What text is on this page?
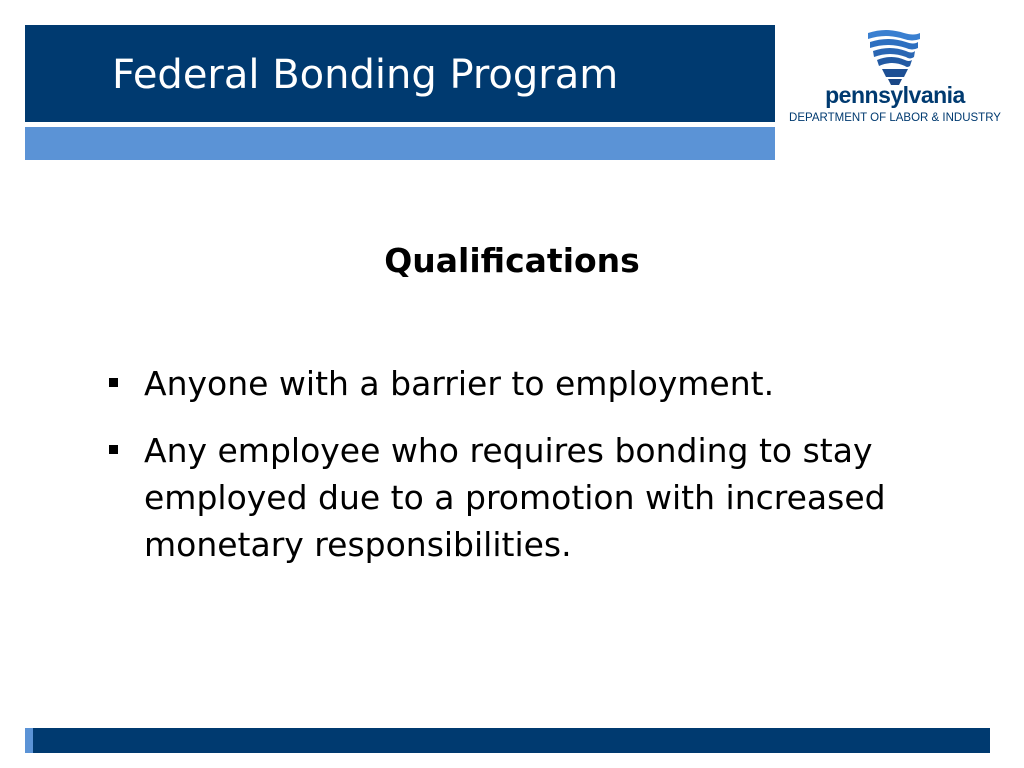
Federal Bonding Program	pennsylvania
DEPARTMENT OF LABOR & INDUSTRY
Qualifications
Anyone with a barrier to employment.
Any employee who requires bonding to stay employed due to a promotion with increased monetary responsibilities.
